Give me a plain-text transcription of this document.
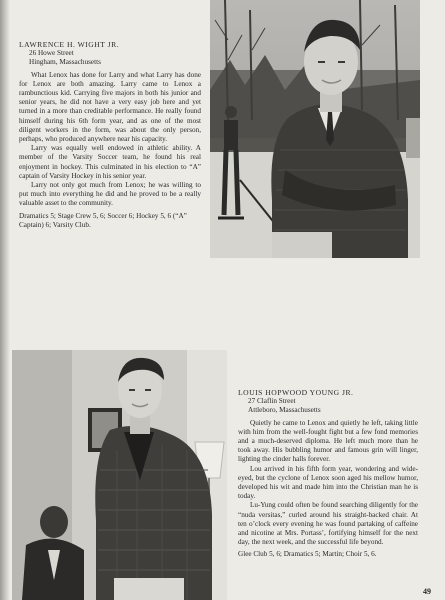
LAWRENCE H. WIGHT JR.
26 Howe Street
Hingham, Massachusetts

What Lenox has done for Larry and what Larry has done for Lenox are both amazing. Larry came to Lenox a rambunctious kid. Carrying five majors in both his junior and senior years, he did not have a very easy job here and yet turned in a more than creditable performance. He really found himself during his 6th form year, and as one of the most diligent workers in the form, was about the only person, perhaps, who produced anywhere near his capacity.

Larry was equally well endowed in athletic ability. A member of the Varsity Soccer team, he found his real enjoyment in hockey. This culminated in his election to “A” captain of Varsity Hockey in his senior year.

Larry not only got much from Lenox; he was willing to put much into everything he did and he proved to be a really valuable asset to the community.

Dramatics 5; Stage Crew 5, 6; Soccer 6; Hockey 5, 6 (“A” Captain) 6; Varsity Club.

LOUIS HOPWOOD YOUNG JR.
27 Claflin Street
Attleboro, Massachusetts

Quietly he came to Lenox and quietly he left, taking little with him from the well-fought fight but a few fond memories and a much-deserved diploma. He left much more than he took away. His bubbling humor and famous grin will linger, lighting the cinder halls forever.

Lou arrived in his fifth form year, wondering and wide-eyed, but the cyclone of Lenox soon aged his mellow humor, developed his wit and made him into the Christian man he is today.

Lu-Yung could often be found searching diligently for the “nuda versitas,” curled around his straight-backed chair. At ten o’clock every evening he was found partaking of caffeine and nicotine at Mrs. Portass’, fortifying himself for the next day, the next week, and the successful life beyond.

Glee Club 5, 6; Dramatics 5; Martin; Choir 5, 6.

49
